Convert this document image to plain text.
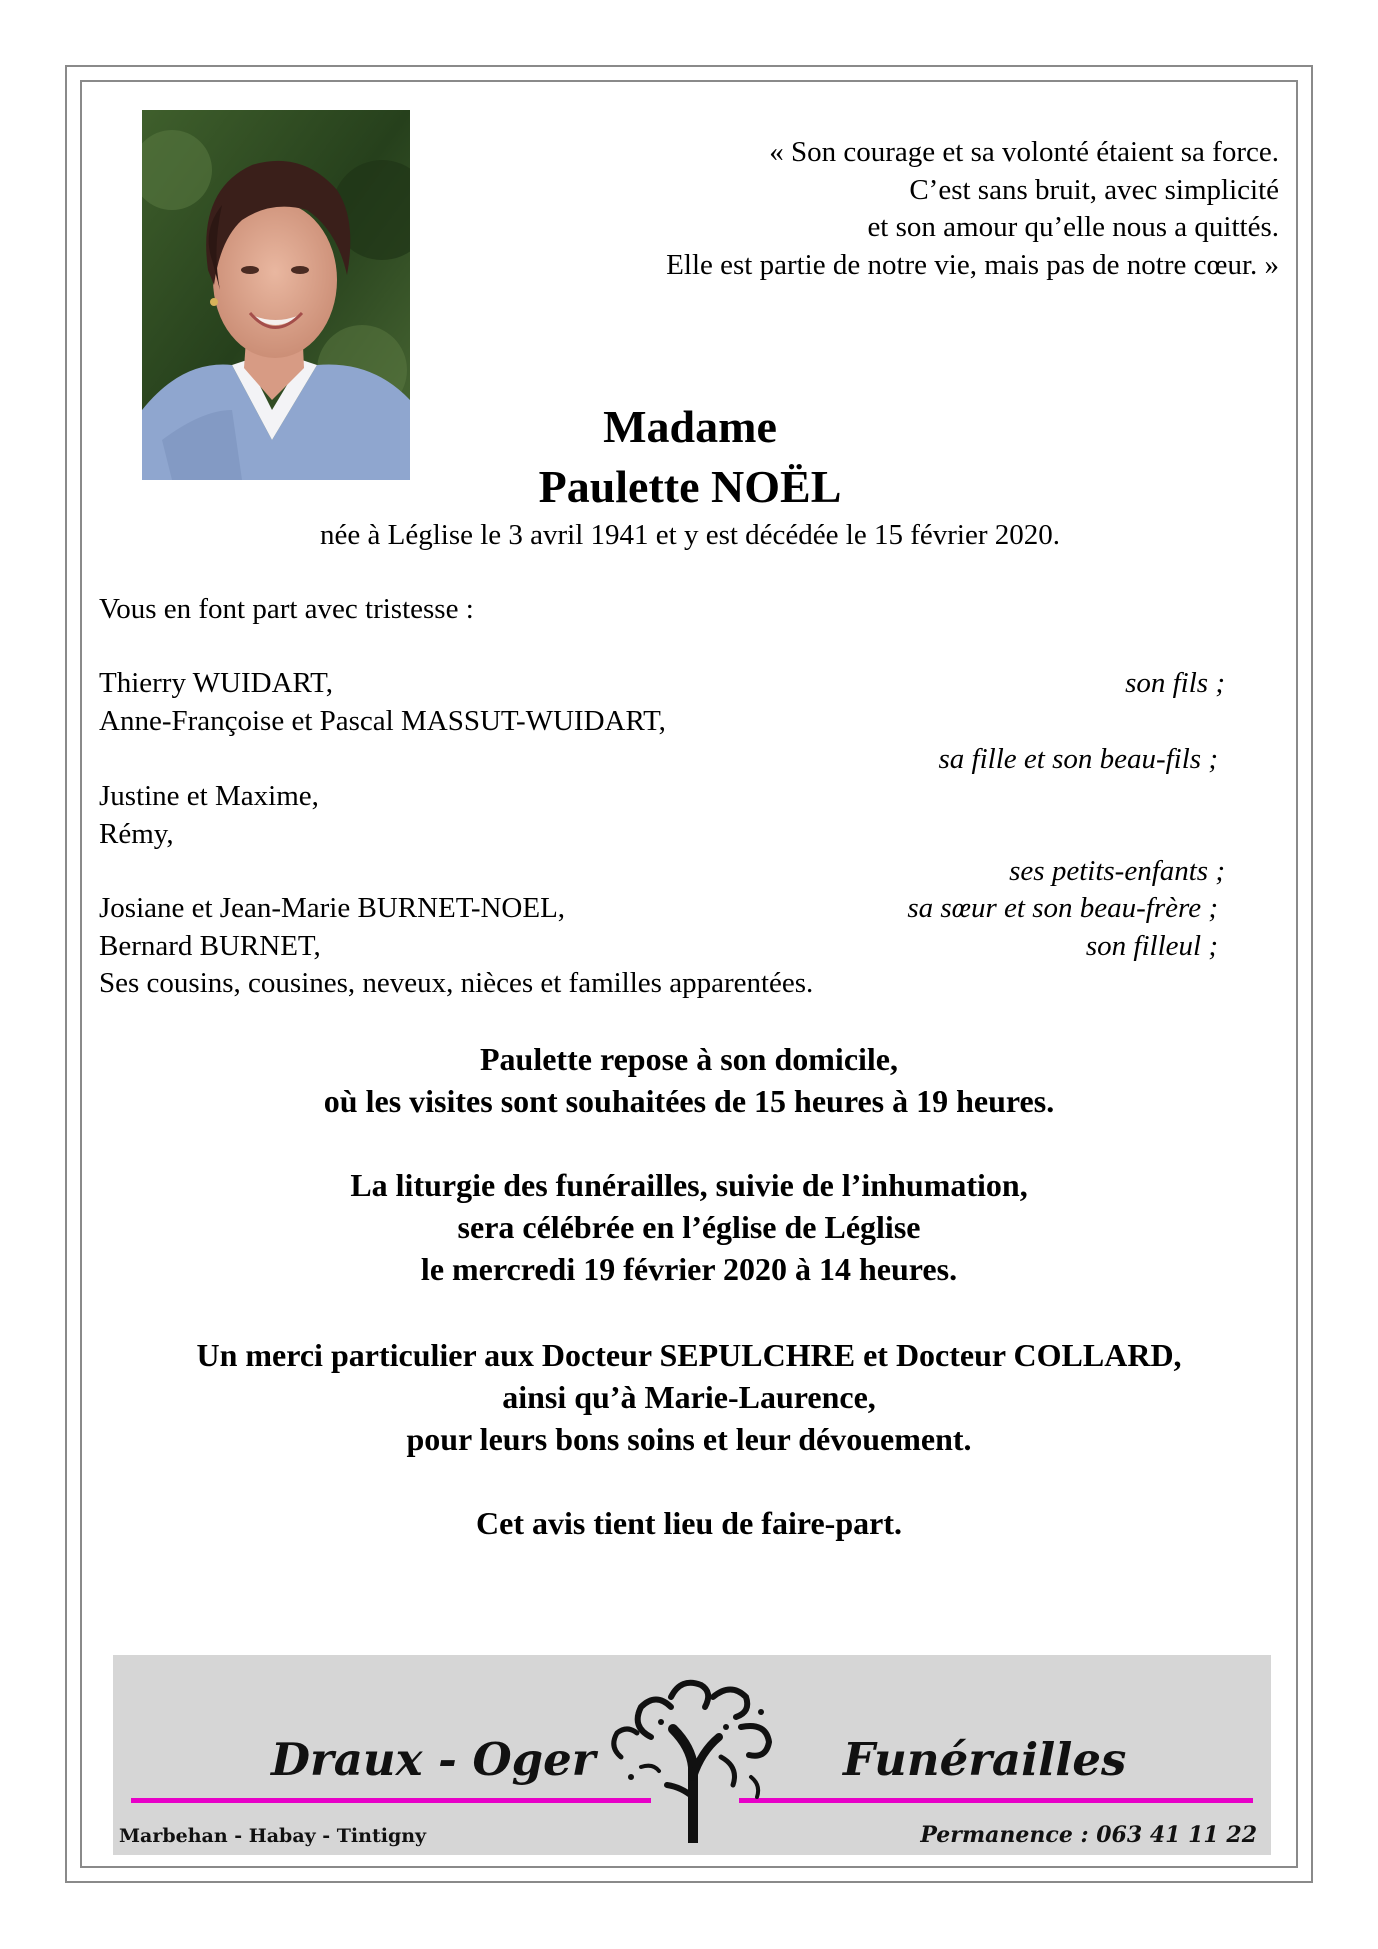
« Son courage et sa volonté étaient sa force.
C’est sans bruit, avec simplicité
et son amour qu’elle nous a quittés.
Elle est partie de notre vie, mais pas de notre cœur. »
Madame
Paulette NOËL
née à Léglise le 3 avril 1941 et y est décédée le 15 février 2020.
Vous en font part avec tristesse :
Thierry WUIDART,	son fils ;
Anne-Françoise et Pascal MASSUT-WUIDART,
sa fille et son beau-fils ;
Justine et Maxime,
Rémy,
ses petits-enfants ;
Josiane et Jean-Marie BURNET-NOEL,	sa sœur et son beau-frère ;
Bernard BURNET,	son filleul ;
Ses cousins, cousines, neveux, nièces et familles apparentées.
Paulette repose à son domicile,
où les visites sont souhaitées de 15 heures à 19 heures.
La liturgie des funérailles, suivie de l’inhumation,
sera célébrée en l’église de Léglise
le mercredi 19 février 2020 à 14 heures.
Un merci particulier aux Docteur SEPULCHRE et Docteur COLLARD,
ainsi qu’à Marie-Laurence,
pour leurs bons soins et leur dévouement.
Cet avis tient lieu de faire-part.
Draux - Oger	Funérailles
Marbehan - Habay - Tintigny	Permanence : 063 41 11 22
